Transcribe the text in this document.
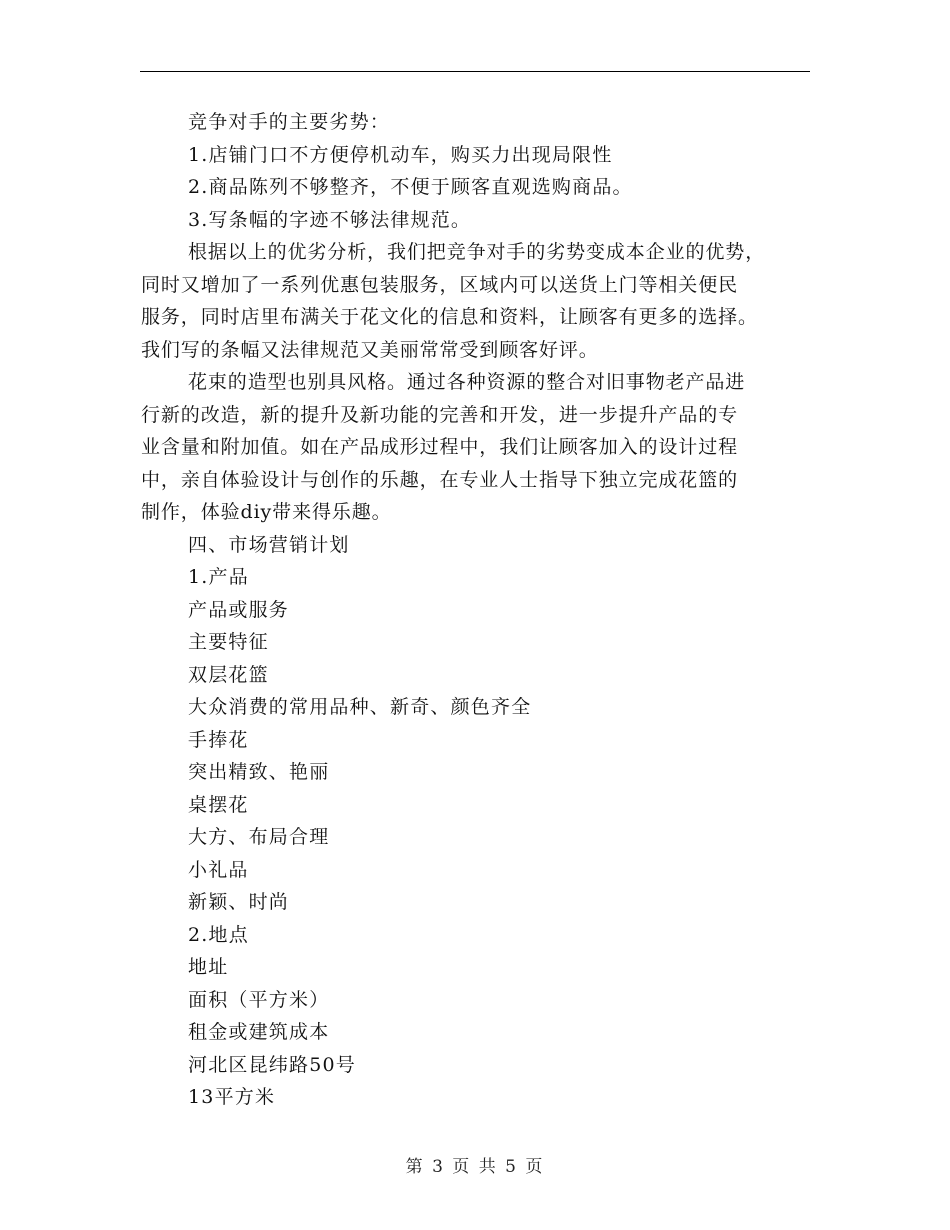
竞争对手的主要劣势：
1.店铺门口不方便停机动车，购买力出现局限性
2.商品陈列不够整齐，不便于顾客直观选购商品。
3.写条幅的字迹不够法律规范。
根据以上的优劣分析，我们把竞争对手的劣势变成本企业的优势，
同时又增加了一系列优惠包装服务，区域内可以送货上门等相关便民
服务，同时店里布满关于花文化的信息和资料，让顾客有更多的选择。
我们写的条幅又法律规范又美丽常常受到顾客好评。
花束的造型也别具风格。通过各种资源的整合对旧事物老产品进
行新的改造，新的提升及新功能的完善和开发，进一步提升产品的专
业含量和附加值。如在产品成形过程中，我们让顾客加入的设计过程
中，亲自体验设计与创作的乐趣，在专业人士指导下独立完成花篮的
制作，体验diy带来得乐趣。
四、市场营销计划
1.产品
产品或服务
主要特征
双层花篮
大众消费的常用品种、新奇、颜色齐全
手捧花
突出精致、艳丽
桌摆花
大方、布局合理
小礼品
新颖、时尚
2.地点
地址
面积（平方米）
租金或建筑成本
河北区昆纬路50号
13平方米
第 3 页 共 5 页
